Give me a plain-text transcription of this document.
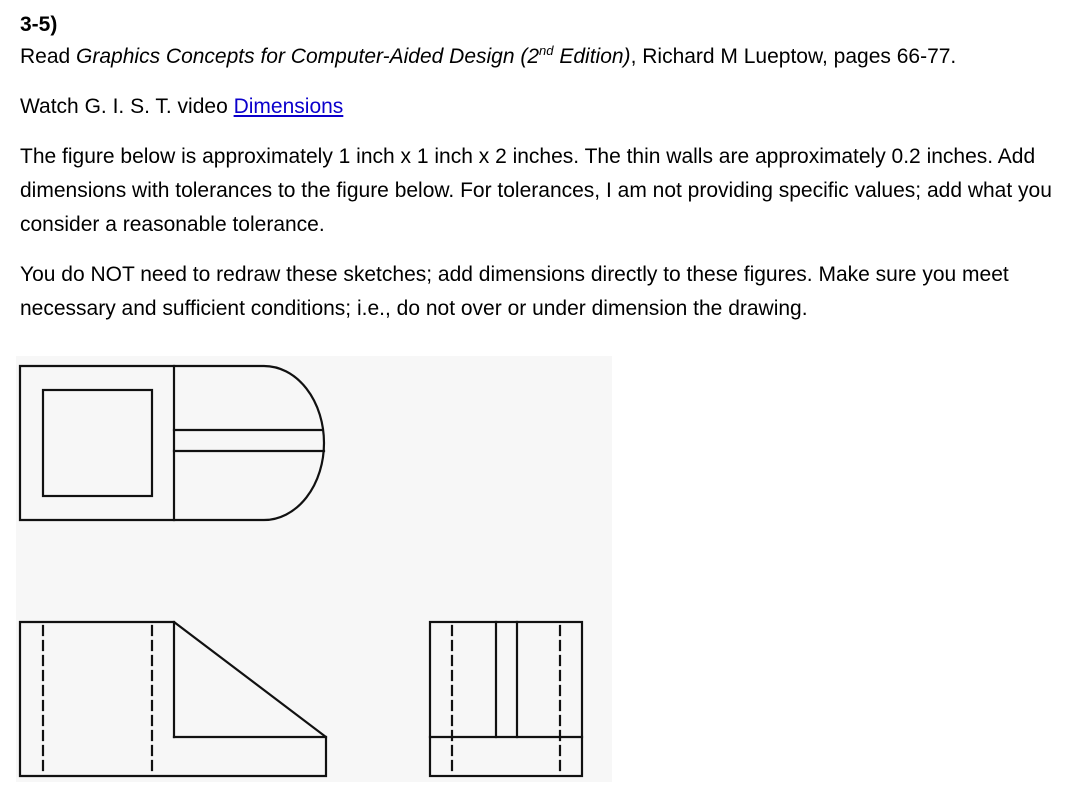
3-5)

Read Graphics Concepts for Computer-Aided Design (2nd Edition), Richard M Lueptow, pages 66-77.

Watch G. I. S. T. video Dimensions

The figure below is approximately 1 inch x 1 inch x 2 inches. The thin walls are approximately 0.2 inches. Add dimensions with tolerances to the figure below. For tolerances, I am not providing specific values; add what you consider a reasonable tolerance.

You do NOT need to redraw these sketches; add dimensions directly to these figures. Make sure you meet necessary and sufficient conditions; i.e., do not over or under dimension the drawing.
